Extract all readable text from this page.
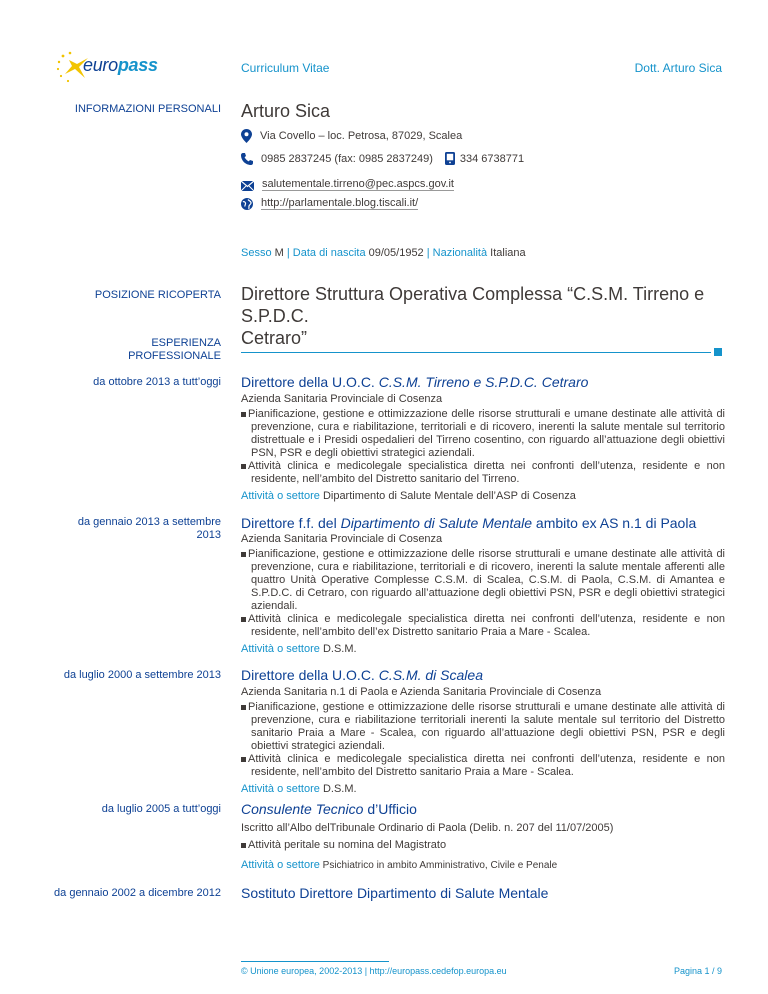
europass	Curriculum Vitae	Dott. Arturo Sica
INFORMAZIONI PERSONALI Arturo Sica
Via Covello – loc. Petrosa, 87029, Scalea
0985 2837245 (fax: 0985 2837249) 334 6738771
salutementale.tirreno@pec.aspcs.gov.it
http://parlamentale.blog.tiscali.it/
Sesso M | Data di nascita 09/05/1952 | Nazionalità Italiana
POSIZIONE RICOPERTA Direttore Struttura Operativa Complessa “C.S.M. Tirreno e S.P.D.C.
Cetraro”
ESPERIENZA
PROFESSIONALE
da ottobre 2013 a tutt’oggi Direttore della U.O.C. C.S.M. Tirreno e S.P.D.C. Cetraro
Azienda Sanitaria Provinciale di Cosenza
Pianificazione, gestione e ottimizzazione delle risorse strutturali e umane destinate alle attività di prevenzione, cura e riabilitazione, territoriali e di ricovero, inerenti la salute mentale sul territorio distrettuale e i Presidi ospedalieri del Tirreno cosentino, con riguardo all’attuazione degli obiettivi PSN, PSR e degli obiettivi strategici aziendali.
Attività clinica e medicolegale specialistica diretta nei confronti dell’utenza, residente e non residente, nell’ambito del Distretto sanitario del Tirreno.
Attività o settore Dipartimento di Salute Mentale dell’ASP di Cosenza
da gennaio 2013 a settembre
2013
Direttore f.f. del Dipartimento di Salute Mentale ambito ex AS n.1 di Paola
Azienda Sanitaria Provinciale di Cosenza
Pianificazione, gestione e ottimizzazione delle risorse strutturali e umane destinate alle attività di prevenzione, cura e riabilitazione, territoriali e di ricovero, inerenti la salute mentale afferenti alle quattro Unità Operative Complesse C.S.M. di Scalea, C.S.M. di Paola, C.S.M. di Amantea e S.P.D.C. di Cetraro, con riguardo all’attuazione degli obiettivi PSN, PSR e degli obiettivi strategici aziendali.
Attività clinica e medicolegale specialistica diretta nei confronti dell’utenza, residente e non residente, nell’ambito dell’ex Distretto sanitario Praia a Mare - Scalea.
Attività o settore D.S.M.
da luglio 2000 a settembre 2013 Direttore della U.O.C. C.S.M. di Scalea
Azienda Sanitaria n.1 di Paola e Azienda Sanitaria Provinciale di Cosenza
Pianificazione, gestione e ottimizzazione delle risorse strutturali e umane destinate alle attività di prevenzione, cura e riabilitazione territoriali inerenti la salute mentale sul territorio del Distretto sanitario Praia a Mare - Scalea, con riguardo all’attuazione degli obiettivi PSN, PSR e degli obiettivi strategici aziendali.
Attività clinica e medicolegale specialistica diretta nei confronti dell’utenza, residente e non residente, nell’ambito del Distretto sanitario Praia a Mare - Scalea.
Attività o settore D.S.M.
da luglio 2005 a tutt’oggi Consulente Tecnico d’Ufficio
Iscritto all’Albo delTribunale Ordinario di Paola (Delib. n. 207 del 11/07/2005)
Attività peritale su nomina del Magistrato
Attività o settore Psichiatrico in ambito Amministrativo, Civile e Penale
da gennaio 2002 a dicembre 2012 Sostituto Direttore Dipartimento di Salute Mentale
© Unione europea, 2002-2013 | http://europass.cedefop.europa.eu	Pagina 1 / 9
